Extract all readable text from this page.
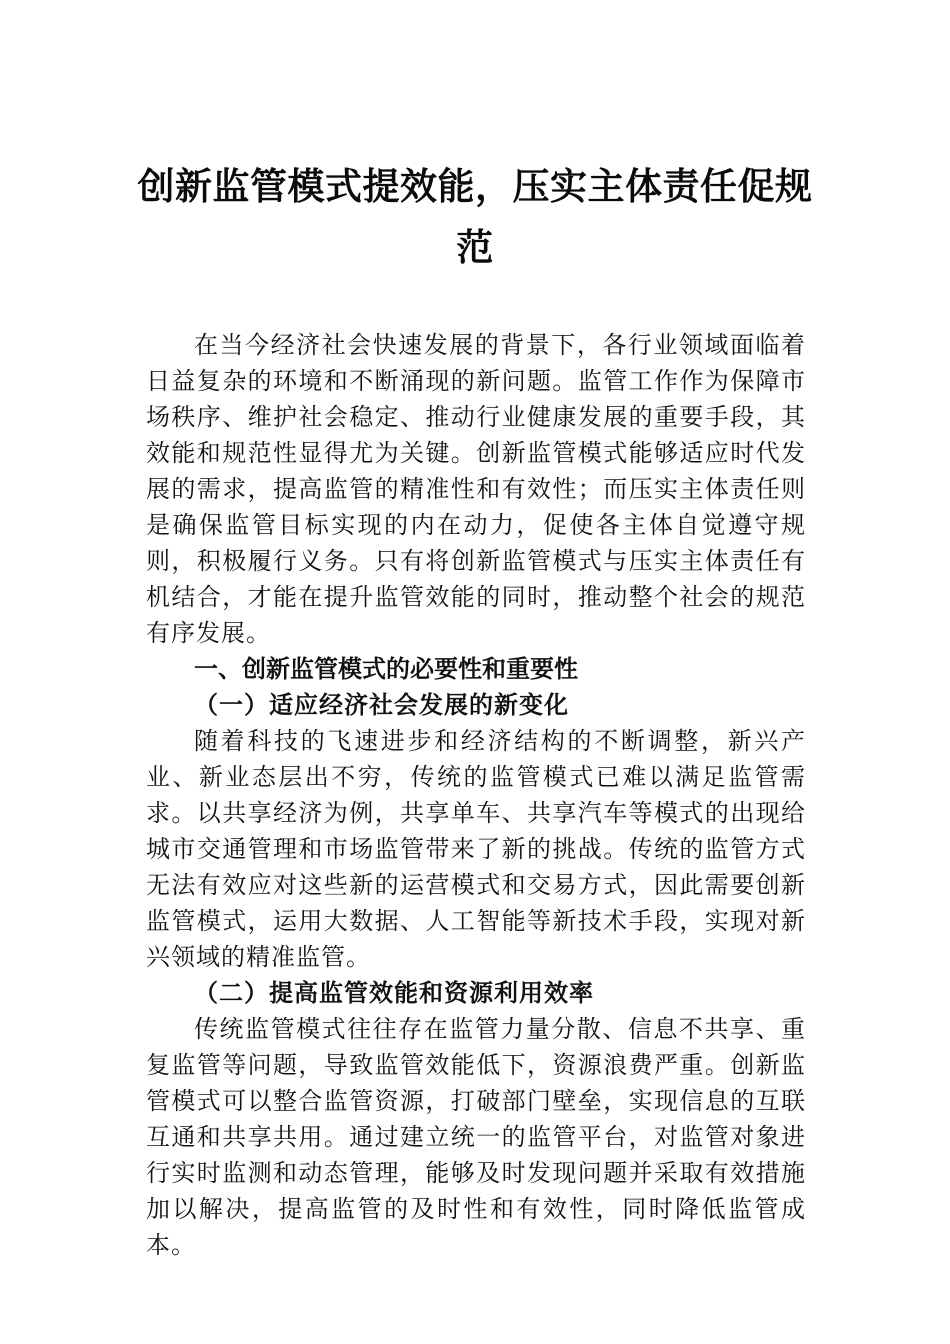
创新监管模式提效能，压实主体责任促规
范

在当今经济社会快速发展的背景下，各行业领域面临着日益复杂的环境和不断涌现的新问题。监管工作作为保障市场秩序、维护社会稳定、推动行业健康发展的重要手段，其效能和规范性显得尤为关键。创新监管模式能够适应时代发展的需求，提高监管的精准性和有效性；而压实主体责任则是确保监管目标实现的内在动力，促使各主体自觉遵守规则，积极履行义务。只有将创新监管模式与压实主体责任有机结合，才能在提升监管效能的同时，推动整个社会的规范有序发展。

一、创新监管模式的必要性和重要性
（一）适应经济社会发展的新变化

随着科技的飞速进步和经济结构的不断调整，新兴产业、新业态层出不穷，传统的监管模式已难以满足监管需求。以共享经济为例，共享单车、共享汽车等模式的出现给城市交通管理和市场监管带来了新的挑战。传统的监管方式无法有效应对这些新的运营模式和交易方式，因此需要创新监管模式，运用大数据、人工智能等新技术手段，实现对新兴领域的精准监管。

（二）提高监管效能和资源利用效率

传统监管模式往往存在监管力量分散、信息不共享、重复监管等问题，导致监管效能低下，资源浪费严重。创新监管模式可以整合监管资源，打破部门壁垒，实现信息的互联互通和共享共用。通过建立统一的监管平台，对监管对象进行实时监测和动态管理，能够及时发现问题并采取有效措施加以解决，提高监管的及时性和有效性，同时降低监管成本。
